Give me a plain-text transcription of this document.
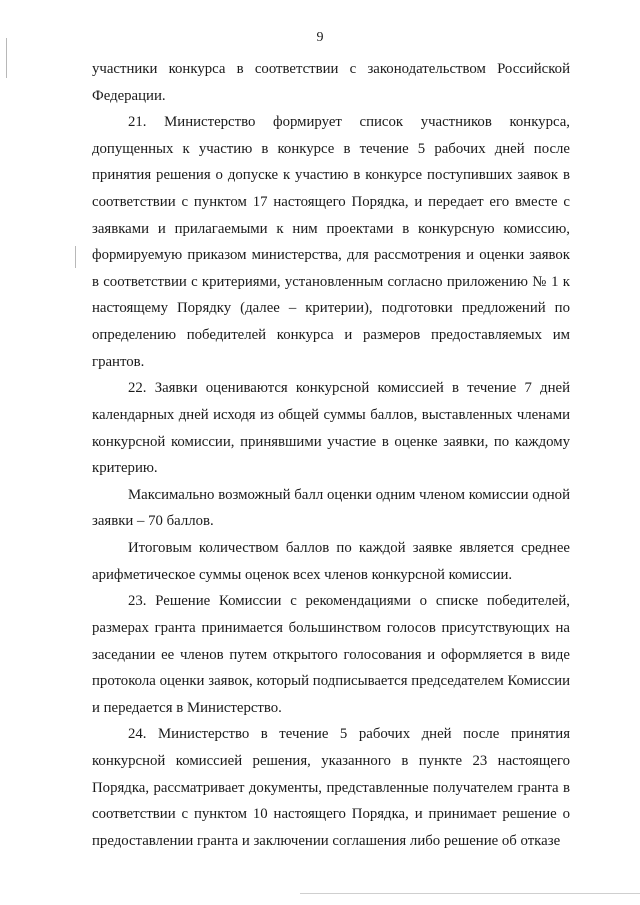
9

участники конкурса в соответствии с законодательством Российской Федерации.

21. Министерство формирует список участников конкурса, допущенных к участию в конкурсе в течение 5 рабочих дней после принятия решения о допуске к участию в конкурсе поступивших заявок в соответствии с пунктом 17 настоящего Порядка, и передает его вместе с заявками и прилагаемыми к ним проектами в конкурсную комиссию, формируемую приказом министерства, для рассмотрения и оценки заявок в соответствии с критериями, установленным согласно приложению № 1 к настоящему Порядку (далее – критерии), подготовки предложений по определению победителей конкурса и размеров предоставляемых им грантов.

22. Заявки оцениваются конкурсной комиссией в течение 7 дней календарных дней исходя из общей суммы баллов, выставленных членами конкурсной комиссии, принявшими участие в оценке заявки, по каждому критерию.

Максимально возможный балл оценки одним членом комиссии одной заявки – 70 баллов.

Итоговым количеством баллов по каждой заявке является среднее арифметическое суммы оценок всех членов конкурсной комиссии.

23. Решение Комиссии с рекомендациями о списке победителей, размерах гранта принимается большинством голосов присутствующих на заседании ее членов путем открытого голосования и оформляется в виде протокола оценки заявок, который подписывается председателем Комиссии и передается в Министерство.

24. Министерство в течение 5 рабочих дней после принятия конкурсной комиссией решения, указанного в пункте 23 настоящего Порядка, рассматривает документы, представленные получателем гранта в соответствии с пунктом 10 настоящего Порядка, и принимает решение о предоставлении гранта и заключении соглашения либо решение об отказе
